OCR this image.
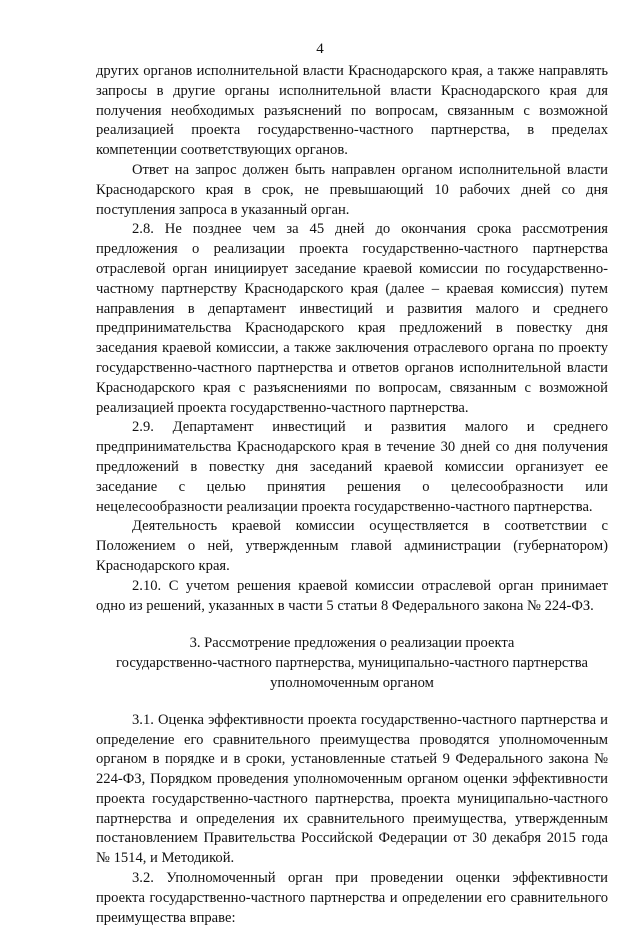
4

других органов исполнительной власти Краснодарского края, а также направлять запросы в другие органы исполнительной власти Краснодарского края для получения необходимых разъяснений по вопросам, связанным с возможной реализацией проекта государственно-частного партнерства, в пределах компетенции соответствующих органов.

Ответ на запрос должен быть направлен органом исполнительной власти Краснодарского края в срок, не превышающий 10 рабочих дней со дня поступления запроса в указанный орган.

2.8. Не позднее чем за 45 дней до окончания срока рассмотрения предложения о реализации проекта государственно-частного партнерства отраслевой орган инициирует заседание краевой комиссии по государственно-частному партнерству Краснодарского края (далее – краевая комиссия) путем направления в департамент инвестиций и развития малого и среднего предпринимательства Краснодарского края предложений в повестку дня заседания краевой комиссии, а также заключения отраслевого органа по проекту государственно-частного партнерства и ответов органов исполнительной власти Краснодарского края с разъяснениями по вопросам, связанным с возможной реализацией проекта государственно-частного партнерства.

2.9. Департамент инвестиций и развития малого и среднего предпринимательства Краснодарского края в течение 30 дней со дня получения предложений в повестку дня заседаний краевой комиссии организует ее заседание с целью принятия решения о целесообразности или нецелесообразности реализации проекта государственно-частного партнерства.

Деятельность краевой комиссии осуществляется в соответствии с Положением о ней, утвержденным главой администрации (губернатором) Краснодарского края.

2.10. С учетом решения краевой комиссии отраслевой орган принимает одно из решений, указанных в части 5 статьи 8 Федерального закона № 224-ФЗ.

3. Рассмотрение предложения о реализации проекта
государственно-частного партнерства, муниципально-частного партнерства
уполномоченным органом

3.1. Оценка эффективности проекта государственно-частного партнерства и определение его сравнительного преимущества проводятся уполномоченным органом в порядке и в сроки, установленные статьей 9 Федерального закона № 224-ФЗ, Порядком проведения уполномоченным органом оценки эффективности проекта государственно-частного партнерства, проекта муниципально-частного партнерства и определения их сравнительного преимущества, утвержденным постановлением Правительства Российской Федерации от 30 декабря 2015 года № 1514, и Методикой.

3.2. Уполномоченный орган при проведении оценки эффективности проекта государственно-частного партнерства и определении его сравнительного преимущества вправе:
